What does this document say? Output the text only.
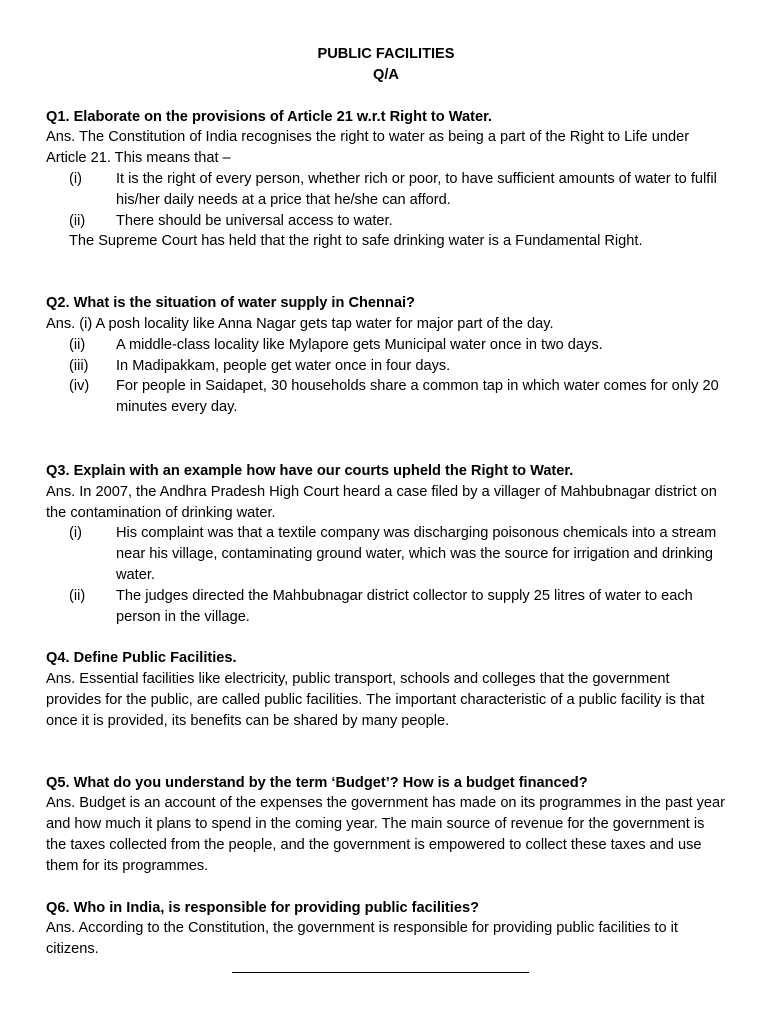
PUBLIC FACILITIES
Q/A
Q1. Elaborate on the provisions of Article 21 w.r.t Right to Water.
Ans. The Constitution of India recognises the right to water as being a part of the Right to Life under Article 21. This means that –
(i)	It is the right of every person, whether rich or poor, to have sufficient amounts of water to fulfil his/her daily needs at a price that he/she can afford.
(ii)	There should be universal access to water.
The Supreme Court has held that the right to safe drinking water is a Fundamental Right.
Q2. What is the situation of water supply in Chennai?
Ans. (i) A posh locality like Anna Nagar gets tap water for major part of the day.
(ii)	A middle-class locality like Mylapore gets Municipal water once in two days.
(iii)	In Madipakkam, people get water once in four days.
(iv)	For people in Saidapet, 30 households share a common tap in which water comes for only 20 minutes every day.
Q3. Explain with an example how have our courts upheld the Right to Water.
Ans. In 2007, the Andhra Pradesh High Court heard a case filed by a villager of Mahbubnagar district on the contamination of drinking water.
(i)	His complaint was that a textile company was discharging poisonous chemicals into a stream near his village, contaminating ground water, which was the source for irrigation and drinking water.
(ii)	The judges directed the Mahbubnagar district collector to supply 25 litres of water to each person in the village.
Q4. Define Public Facilities.
Ans. Essential facilities like electricity, public transport, schools and colleges that the government provides for the public, are called public facilities. The important characteristic of a public facility is that once it is provided, its benefits can be shared by many people.
Q5. What do you understand by the term ‘Budget’? How is a budget financed?
Ans. Budget is an account of the expenses the government has made on its programmes in the past year and how much it plans to spend in the coming year. The main source of revenue for the government is the taxes collected from the people, and the government is empowered to collect these taxes and use them for its programmes.
Q6. Who in India, is responsible for providing public facilities?
Ans. According to the Constitution, the government is responsible for providing public facilities to it citizens.
